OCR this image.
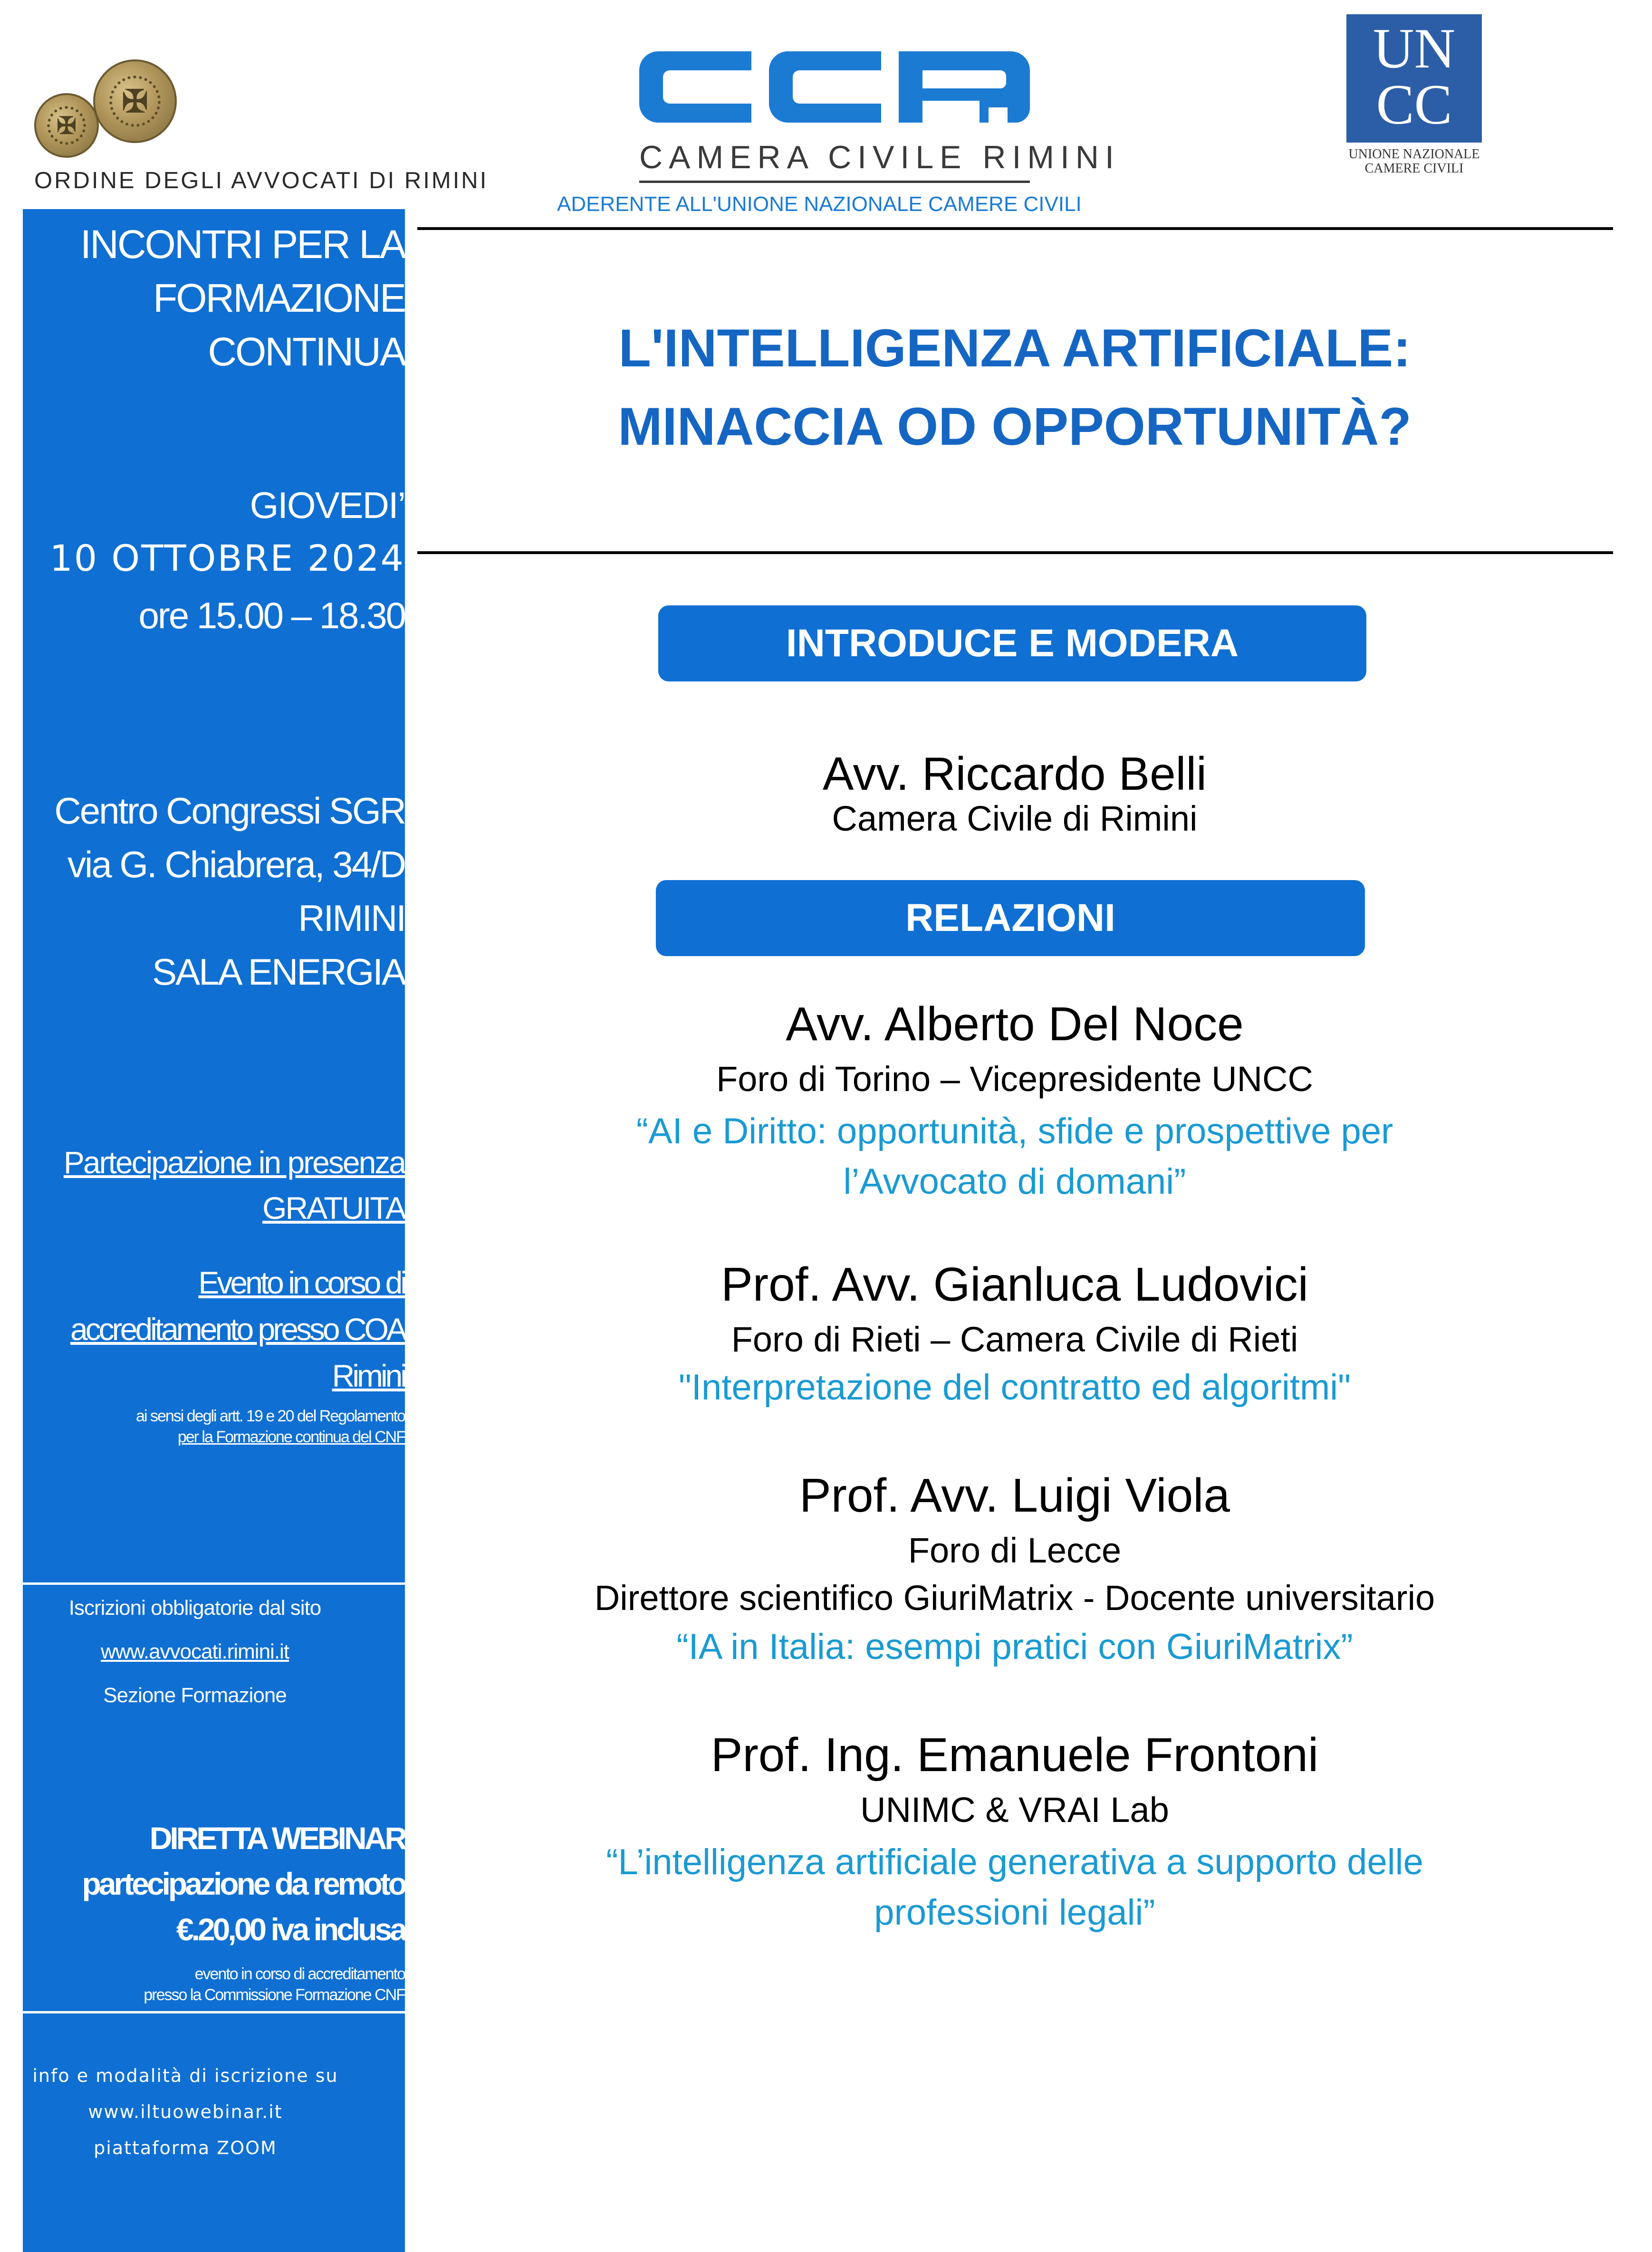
✠
✠
ORDINE DEGLI AVVOCATI DI RIMINI
CAMERA CIVILE RIMINI
ADERENTE ALL'UNIONE NAZIONALE CAMERE CIVILI
UN
CC
UNIONE NAZIONALE
CAMERE CIVILI
INCONTRI PER LA
FORMAZIONE
CONTINUA
GIOVEDI’
10 OTTOBRE 2024
ore 15.00 – 18.30
Centro Congressi SGR
via G. Chiabrera, 34/D
RIMINI
SALA ENERGIA
Partecipazione in presenza
GRATUITA
Evento in corso di
accreditamento presso COA
Rimini
ai sensi degli artt. 19 e 20 del Regolamento
per la Formazione continua del CNF
Iscrizioni obbligatorie dal sito
www.avvocati.rimini.it
Sezione Formazione
DIRETTA WEBINAR
partecipazione da remoto
€.20,00 iva inclusa
evento in corso di accreditamento
presso la Commissione Formazione CNF
info e modalità di iscrizione su
www.iltuowebinar.it
piattaforma ZOOM
L'INTELLIGENZA ARTIFICIALE:
MINACCIA OD OPPORTUNITÀ?
INTRODUCE E MODERA
Avv. Riccardo Belli
Camera Civile di Rimini
RELAZIONI
Avv. Alberto Del Noce
Foro di Torino – Vicepresidente UNCC
“AI e Diritto: opportunità, sfide e prospettive per
l’Avvocato di domani”
Prof. Avv. Gianluca Ludovici
Foro di Rieti – Camera Civile di Rieti
"Interpretazione del contratto ed algoritmi"
Prof. Avv. Luigi Viola
Foro di Lecce
Direttore scientifico GiuriMatrix - Docente universitario
“IA in Italia: esempi pratici con GiuriMatrix”
Prof. Ing. Emanuele Frontoni
UNIMC & VRAI Lab
“L’intelligenza artificiale generativa a supporto delle
professioni legali”
